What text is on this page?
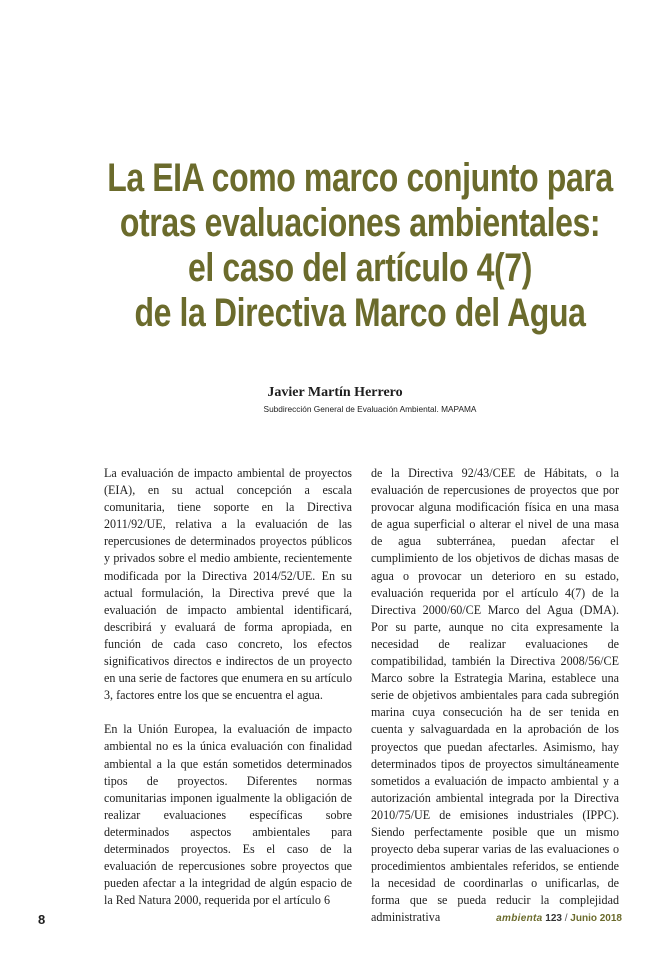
La EIA como marco conjunto para
otras evaluaciones ambientales:
el caso del artículo 4(7)
de la Directiva Marco del Agua
Javier Martín Herrero
Subdirección General de Evaluación Ambiental. MAPAMA

La evaluación de impacto ambiental de proyectos (EIA), en su actual concepción a escala comunitaria, tiene soporte en la Directiva 2011/92/UE, relativa a la evaluación de las repercusiones de determinados proyectos públicos y privados sobre el medio ambiente, recientemente modificada por la Directiva 2014/52/UE. En su actual formulación, la Directiva prevé que la evaluación de impacto ambiental identificará, describirá y evaluará de forma apropiada, en función de cada caso concreto, los efectos significativos directos e indirectos de un proyecto en una serie de factores que enumera en su artículo 3, factores entre los que se encuentra el agua.

En la Unión Europea, la evaluación de impacto ambiental no es la única evaluación con finalidad ambiental a la que están sometidos determinados tipos de proyectos. Diferentes normas comunitarias imponen igualmente la obligación de realizar evaluaciones específicas sobre determinados aspectos ambientales para determinados proyectos. Es el caso de la evaluación de repercusiones sobre proyectos que pueden afectar a la integridad de algún espacio de la Red Natura 2000, requerida por el artículo 6

de la Directiva 92/43/CEE de Hábitats, o la evaluación de repercusiones de proyectos que por provocar alguna modificación física en una masa de agua superficial o alterar el nivel de una masa de agua subterránea, puedan afectar el cumplimiento de los objetivos de dichas masas de agua o provocar un deterioro en su estado, evaluación requerida por el artículo 4(7) de la Directiva 2000/60/CE Marco del Agua (DMA). Por su parte, aunque no cita expresamente la necesidad de realizar evaluaciones de compatibilidad, también la Directiva 2008/56/CE Marco sobre la Estrategia Marina, establece una serie de objetivos ambientales para cada subregión marina cuya consecución ha de ser tenida en cuenta y salvaguardada en la aprobación de los proyectos que puedan afectarles. Asimismo, hay determinados tipos de proyectos simultáneamente sometidos a evaluación de impacto ambiental y a autorización ambiental integrada por la Directiva 2010/75/UE de emisiones industriales (IPPC). Siendo perfectamente posible que un mismo proyecto deba superar varias de las evaluaciones o procedimientos ambientales referidos, se entiende la necesidad de coordinarlas o unificarlas, de forma que se pueda reducir la complejidad administrativa

8	ambienta 123 / Junio 2018
